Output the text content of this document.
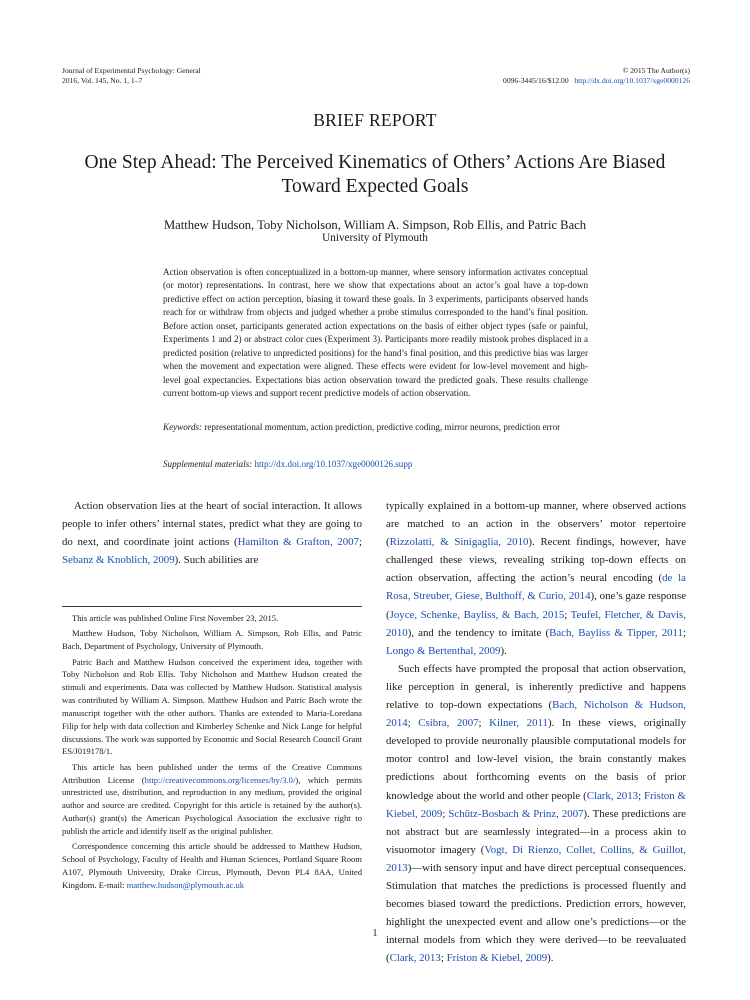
Journal of Experimental Psychology: General
2016, Vol. 145, No. 1, 1–7
© 2015 The Author(s)
0096-3445/16/$12.00 http://dx.doi.org/10.1037/xge0000126
BRIEF REPORT
One Step Ahead: The Perceived Kinematics of Others’ Actions Are Biased
Toward Expected Goals
Matthew Hudson, Toby Nicholson, William A. Simpson, Rob Ellis, and Patric Bach
University of Plymouth
Action observation is often conceptualized in a bottom-up manner, where sensory information activates conceptual (or motor) representations. In contrast, here we show that expectations about an actor’s goal have a top-down predictive effect on action perception, biasing it toward these goals. In 3 experiments, participants observed hands reach for or withdraw from objects and judged whether a probe stimulus corresponded to the hand’s final position. Before action onset, participants generated action expectations on the basis of either object types (safe or painful, Experiments 1 and 2) or abstract color cues (Experiment 3). Participants more readily mistook probes displaced in a predicted position (relative to unpredicted positions) for the hand’s final position, and this predictive bias was larger when the movement and expectation were aligned. These effects were evident for low-level movement and high-level goal expectancies. Expectations bias action observation toward the predicted goals. These results challenge current bottom-up views and support recent predictive models of action observation.
Keywords: representational momentum, action prediction, predictive coding, mirror neurons, prediction error
Supplemental materials: http://dx.doi.org/10.1037/xge0000126.supp

Action observation lies at the heart of social interaction. It allows people to infer others’ internal states, predict what they are going to do next, and coordinate joint actions (Hamilton & Grafton, 2007; Sebanz & Knoblich, 2009). Such abilities are

This article was published Online First November 23, 2015.

Matthew Hudson, Toby Nicholson, William A. Simpson, Rob Ellis, and Patric Bach, Department of Psychology, University of Plymouth.

Patric Bach and Matthew Hudson conceived the experiment idea, together with Toby Nicholson and Rob Ellis. Toby Nicholson and Matthew Hudson created the stimuli and experiments. Data was collected by Matthew Hudson. Statistical analysis was contributed by William A. Simpson. Matthew Hudson and Patric Bach wrote the manuscript together with the other authors. Thanks are extended to Maria-Loredana Filip for help with data collection and Kimberley Schenke and Nick Lange for helpful discussions. The work was supported by Economic and Social Research Council Grant ES/J019178/1.

This article has been published under the terms of the Creative Commons Attribution License (http://creativecommons.org/licenses/by/3.0/), which permits unrestricted use, distribution, and reproduction in any medium, provided the original author and source are credited. Copyright for this article is retained by the author(s). Author(s) grant(s) the American Psychological Association the exclusive right to publish the article and identify itself as the original publisher.

Correspondence concerning this article should be addressed to Matthew Hudson, School of Psychology, Faculty of Health and Human Sciences, Portland Square Room A107, Plymouth University, Drake Circus, Plymouth, Devon PL4 8AA, United Kingdom. E-mail: matthew.hudson@plymouth.ac.uk

typically explained in a bottom-up manner, where observed actions are matched to an action in the observers’ motor repertoire (Rizzolatti, & Sinigaglia, 2010). Recent findings, however, have challenged these views, revealing striking top-down effects on action observation, affecting the action’s neural encoding (de la Rosa, Streuber, Giese, Bulthoff, & Curio, 2014), one’s gaze response (Joyce, Schenke, Bayliss, & Bach, 2015; Teufel, Fletcher, & Davis, 2010), and the tendency to imitate (Bach, Bayliss & Tipper, 2011; Longo & Bertenthal, 2009).

Such effects have prompted the proposal that action observation, like perception in general, is inherently predictive and happens relative to top-down expectations (Bach, Nicholson & Hudson, 2014; Csibra, 2007; Kilner, 2011). In these views, originally developed to provide neuronally plausible computational models for motor control and low-level vision, the brain constantly makes predictions about forthcoming events on the basis of prior knowledge about the world and other people (Clark, 2013; Friston & Kiebel, 2009; Schütz-Bosbach & Prinz, 2007). These predictions are not abstract but are seamlessly integrated—in a process akin to visuomotor imagery (Vogt, Di Rienzo, Collet, Collins, & Guillot, 2013)—with sensory input and have direct perceptual consequences. Stimulation that matches the predictions is processed fluently and becomes biased toward the predictions. Prediction errors, however, highlight the unexpected event and allow one’s predictions—or the internal models from which they were derived—to be reevaluated (Clark, 2013; Friston & Kiebel, 2009).

1
